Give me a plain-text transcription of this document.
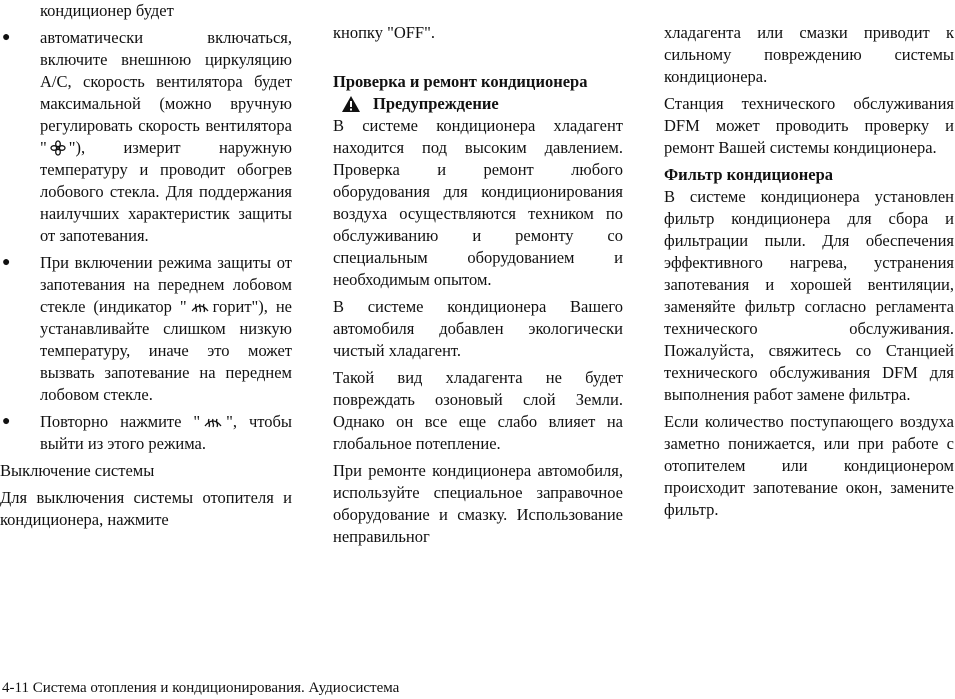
кондиционер будет

● автоматически включаться, включите внешнюю циркуляцию A/C, скорость вентилятора будет максимальной (можно вручную регулировать скорость вентилятора " "), измерит наружную температуру и проводит обогрев лобового стекла. Для поддержания наилучших характеристик защиты от запотевания.
● При включении режима защиты от запотевания на переднем лобовом стекле (индикатор " горит"), не устанавливайте слишком низкую температуру, иначе это может вызвать запотевание на переднем лобовом стекле.
● Повторно нажмите " ", чтобы выйти из этого режима.

Выключение системы

Для выключения системы отопителя и кондиционера, нажмите

кнопку "OFF".

Проверка и ремонт кондиционера

Предупреждение

В системе кондиционера хладагент находится под высоким давлением. Проверка и ремонт любого оборудования для кондиционирования воздуха осуществляются техником по обслуживанию и ремонту со специальным оборудованием и необходимым опытом.

В системе кондиционера Вашего автомобиля добавлен экологически чистый хладагент.

Такой вид хладагента не будет повреждать озоновый слой Земли. Однако он все еще слабо влияет на глобальное потепление.

При ремонте кондиционера автомобиля, используйте специальное заправочное оборудование и смазку. Использование неправильног

хладагента или смазки приводит к сильному повреждению системы кондиционера.

Станция технического обслуживания DFM может проводить проверку и ремонт Вашей системы кондиционера.

Фильтр кондиционера

В системе кондиционера установлен фильтр кондиционера для сбора и фильтрации пыли. Для обеспечения эффективного нагрева, устранения запотевания и хорошей вентиляции, заменяйте фильтр согласно регламента технического обслуживания. Пожалуйста, свяжитесь со Станцией технического обслуживания DFM для выполнения работ замене фильтра.

Если количество поступающего воздуха заметно понижается, или при работе с отопителем или кондиционером происходит запотевание окон, замените фильтр.

4-11 Система отопления и кондиционирования. Аудиосистема
